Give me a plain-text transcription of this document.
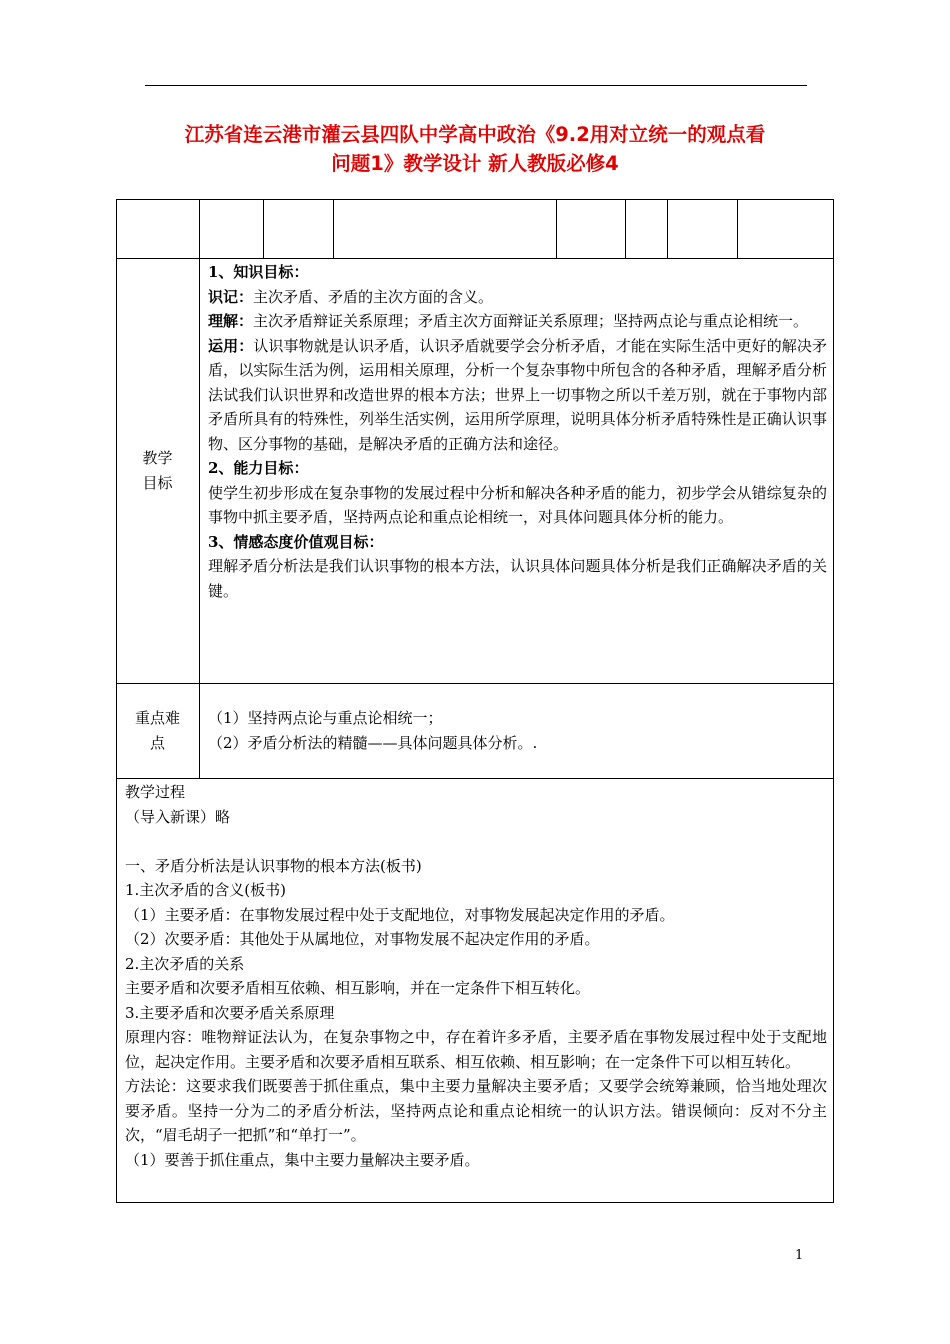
江苏省连云港市灌云县四队中学高中政治《9.2用对立统一的观点看
问题1》教学设计 新人教版必修4
教学
目标

1、知识目标：

识记：主次矛盾、矛盾的主次方面的含义。

理解：主次矛盾辩证关系原理；矛盾主次方面辩证关系原理；坚持两点论与重点论相统一。

运用：认识事物就是认识矛盾，认识矛盾就要学会分析矛盾，才能在实际生活中更好的解决矛盾，以实际生活为例，运用相关原理，分析一个复杂事物中所包含的各种矛盾，理解矛盾分析法试我们认识世界和改造世界的根本方法；世界上一切事物之所以千差万别，就在于事物内部矛盾所具有的特殊性，列举生活实例，运用所学原理，说明具体分析矛盾特殊性是正确认识事物、区分事物的基础，是解决矛盾的正确方法和途径。

2、能力目标：

使学生初步形成在复杂事物的发展过程中分析和解决各种矛盾的能力，初步学会从错综复杂的事物中抓主要矛盾，坚持两点论和重点论相统一，对具体问题具体分析的能力。

3、情感态度价值观目标：

理解矛盾分析法是我们认识事物的根本方法，认识具体问题具体分析是我们正确解决矛盾的关键。

重点难
点

（1）坚持两点论与重点论相统一；

（2）矛盾分析法的精髓——具体问题具体分析。.

教学过程

（导入新课）略

一、矛盾分析法是认识事物的根本方法(板书)

1.主次矛盾的含义(板书)

（1）主要矛盾：在事物发展过程中处于支配地位，对事物发展起决定作用的矛盾。

（2）次要矛盾：其他处于从属地位，对事物发展不起决定作用的矛盾。

2.主次矛盾的关系

主要矛盾和次要矛盾相互依赖、相互影响，并在一定条件下相互转化。

3.主要矛盾和次要矛盾关系原理

原理内容：唯物辩证法认为，在复杂事物之中，存在着许多矛盾，主要矛盾在事物发展过程中处于支配地位，起决定作用。主要矛盾和次要矛盾相互联系、相互依赖、相互影响；在一定条件下可以相互转化。

方法论：这要求我们既要善于抓住重点，集中主要力量解决主要矛盾；又要学会统筹兼顾，恰当地处理次要矛盾。坚持一分为二的矛盾分析法，坚持两点论和重点论相统一的认识方法。错误倾向：反对不分主次，“眉毛胡子一把抓”和“单打一”。

（1）要善于抓住重点，集中主要力量解决主要矛盾。

1
